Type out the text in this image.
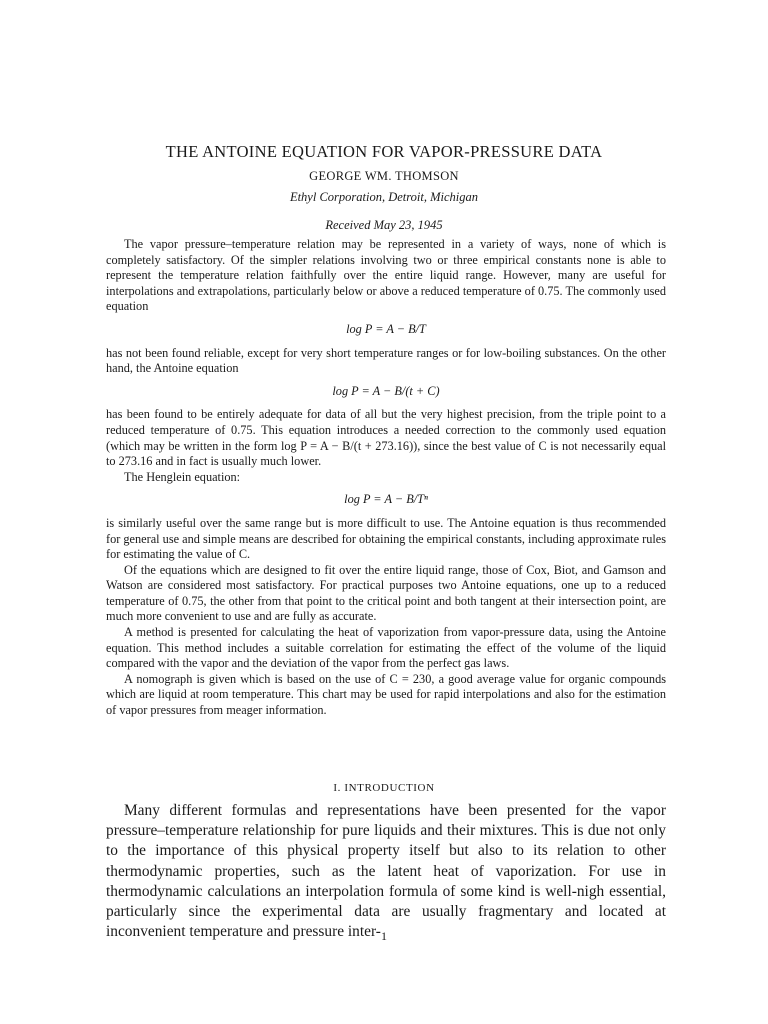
THE ANTOINE EQUATION FOR VAPOR-PRESSURE DATA
GEORGE WM. THOMSON
Ethyl Corporation, Detroit, Michigan
Received May 23, 1945

The vapor pressure–temperature relation may be represented in a variety of ways, none of which is completely satisfactory. Of the simpler relations involving two or three empirical constants none is able to represent the temperature relation faithfully over the entire liquid range. However, many are useful for interpolations and extrapolations, particularly below or above a reduced temperature of 0.75. The commonly used equation

log P = A − B/T

has not been found reliable, except for very short temperature ranges or for low-boiling substances. On the other hand, the Antoine equation

log P = A − B/(t + C)

has been found to be entirely adequate for data of all but the very highest precision, from the triple point to a reduced temperature of 0.75. This equation introduces a needed correction to the commonly used equation (which may be written in the form log P = A − B/(t + 273.16)), since the best value of C is not necessarily equal to 273.16 and in fact is usually much lower.

The Henglein equation:

log P = A − B/Tⁿ

is similarly useful over the same range but is more difficult to use. The Antoine equation is thus recommended for general use and simple means are described for obtaining the empirical constants, including approximate rules for estimating the value of C.

Of the equations which are designed to fit over the entire liquid range, those of Cox, Biot, and Gamson and Watson are considered most satisfactory. For practical purposes two Antoine equations, one up to a reduced temperature of 0.75, the other from that point to the critical point and both tangent at their intersection point, are much more convenient to use and are fully as accurate.

A method is presented for calculating the heat of vaporization from vapor-pressure data, using the Antoine equation. This method includes a suitable correlation for estimating the effect of the volume of the liquid compared with the vapor and the deviation of the vapor from the perfect gas laws.

A nomograph is given which is based on the use of C = 230, a good average value for organic compounds which are liquid at room temperature. This chart may be used for rapid interpolations and also for the estimation of vapor pressures from meager information.

I. INTRODUCTION

Many different formulas and representations have been presented for the vapor pressure–temperature relationship for pure liquids and their mixtures. This is due not only to the importance of this physical property itself but also to its relation to other thermodynamic properties, such as the latent heat of vaporization. For use in thermodynamic calculations an interpolation formula of some kind is well-nigh essential, particularly since the experimental data are usually fragmentary and located at inconvenient temperature and pressure inter- 1
